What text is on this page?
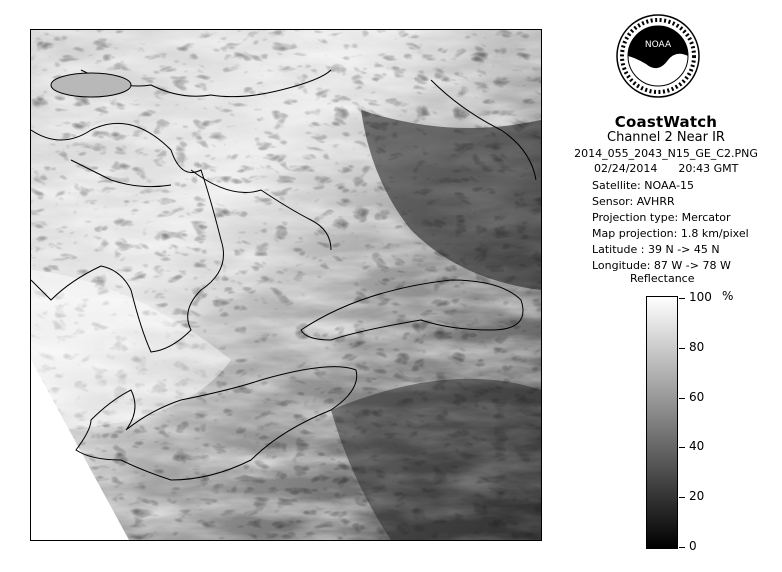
NOAA
CoastWatch
Channel 2 Near IR
2014_055_2043_N15_GE_C2.PNG
02/24/2014 20:43 GMT
Satellite: NOAA-15
Sensor: AVHRR
Projection type: Mercator
Map projection: 1.8 km/pixel
Latitude : 39 N -> 45 N
Longitude: 87 W -> 78 W
Reflectance
%
100
80
60
40
20
0
